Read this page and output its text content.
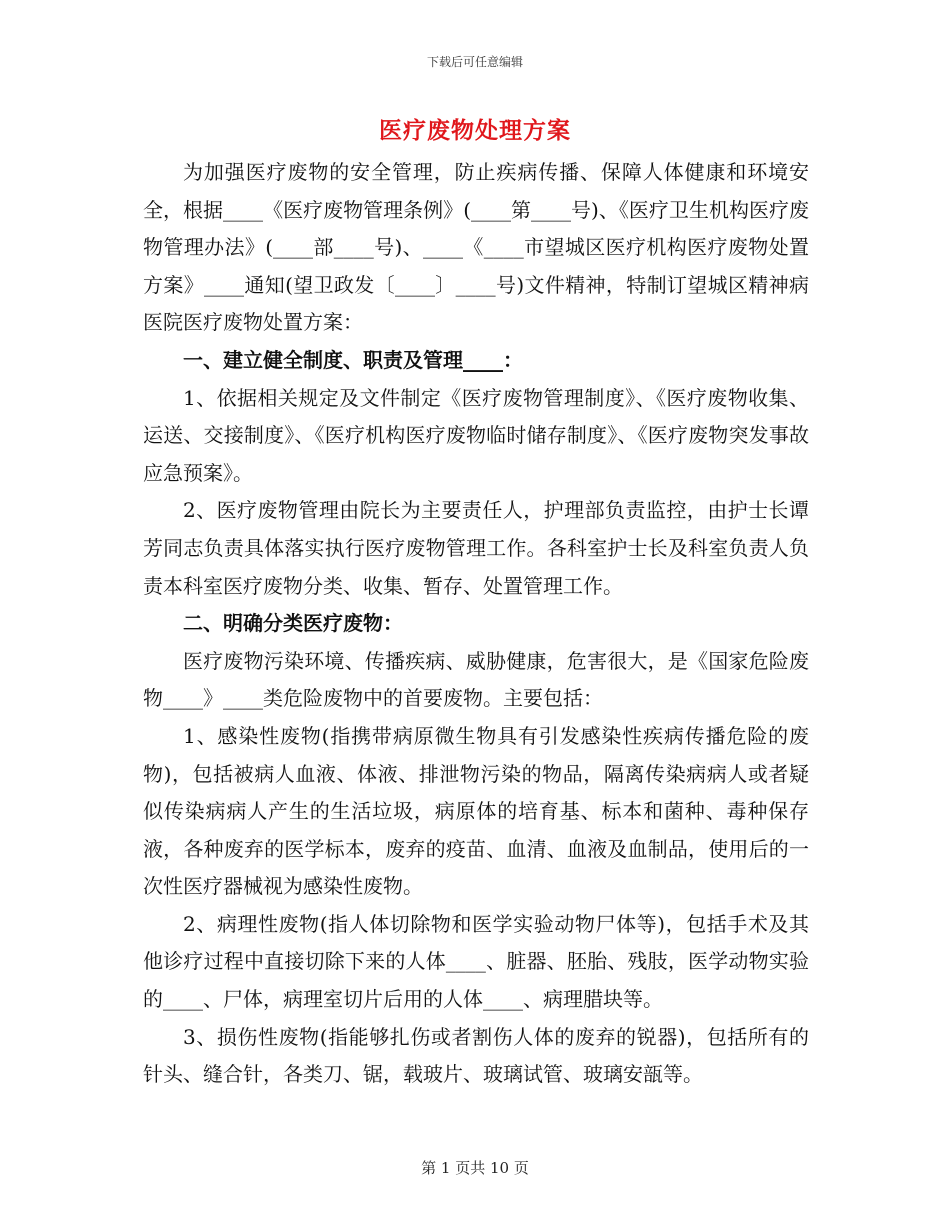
下载后可任意编辑
医疗废物处理方案

为加强医疗废物的安全管理，防止疾病传播、保障人体健康和环境安全，根据____《医疗废物管理条例》(____第____号)、《医疗卫生机构医疗废物管理办法》(____部____号)、____《____市望城区医疗机构医疗废物处置方案》____通知(望卫政发〔____〕____号)文件精神，特制订望城区精神病医院医疗废物处置方案：

一、建立健全制度、职责及管理____：

1、依据相关规定及文件制定《医疗废物管理制度》、《医疗废物收集、运送、交接制度》、《医疗机构医疗废物临时储存制度》、《医疗废物突发事故应急预案》。

2、医疗废物管理由院长为主要责任人，护理部负责监控，由护士长谭芳同志负责具体落实执行医疗废物管理工作。各科室护士长及科室负责人负责本科室医疗废物分类、收集、暂存、处置管理工作。

二、明确分类医疗废物：

医疗废物污染环境、传播疾病、威胁健康，危害很大，是《国家危险废物____》____类危险废物中的首要废物。主要包括：

1、感染性废物(指携带病原微生物具有引发感染性疾病传播危险的废物)，包括被病人血液、体液、排泄物污染的物品，隔离传染病病人或者疑似传染病病人产生的生活垃圾，病原体的培育基、标本和菌种、毒种保存液，各种废弃的医学标本，废弃的疫苗、血清、血液及血制品，使用后的一次性医疗器械视为感染性废物。

2、病理性废物(指人体切除物和医学实验动物尸体等)，包括手术及其他诊疗过程中直接切除下来的人体____、脏器、胚胎、残肢，医学动物实验的____、尸体，病理室切片后用的人体____、病理腊块等。

3、损伤性废物(指能够扎伤或者割伤人体的废弃的锐器)，包括所有的针头、缝合针，各类刀、锯，载玻片、玻璃试管、玻璃安瓿等。

第 1 页共 10 页
